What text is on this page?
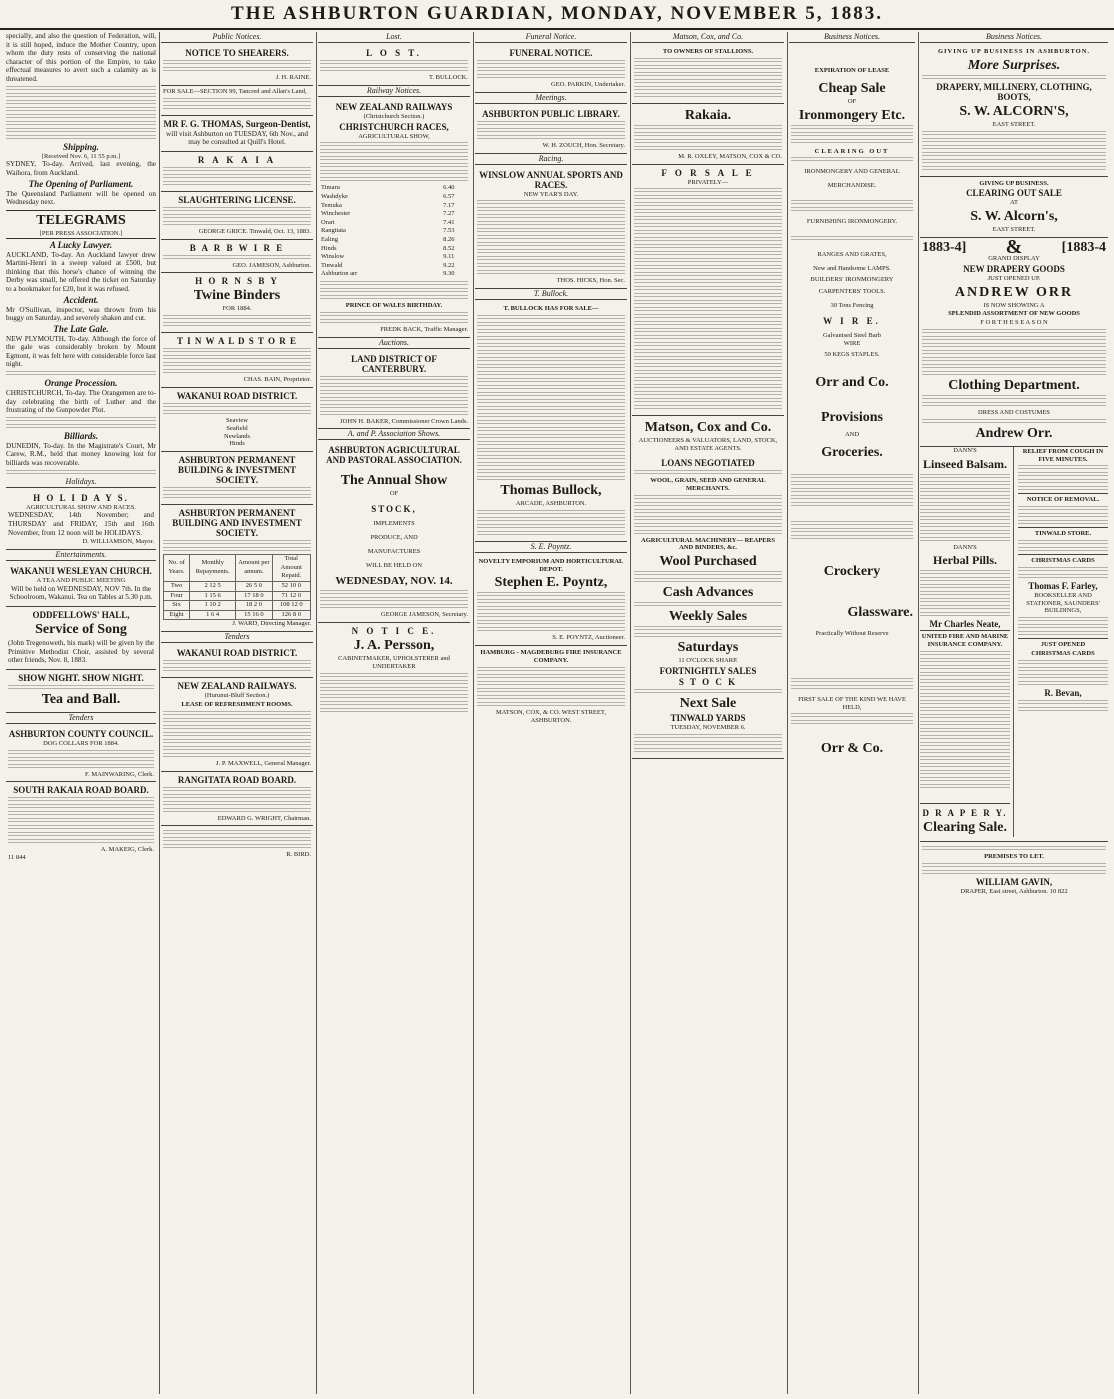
THE ASHBURTON GUARDIAN, MONDAY, NOVEMBER 5, 1883.

specially, and also the question of Federation, will, it is still hoped, induce the Mother Country, upon whom the duty rests of conserving the national character of this portion of the Empire, to take effectual measures to avert such a calamity as is threatened.

Shipping.
[Received Nov. 6, 11 55 p.m.]

SYDNEY, To-day. Arrived, last evening, the Waihora, from Auckland.

The Opening of Parliament.

The Queensland Parliament will be opened on Wednesday next.

TELEGRAMS
[PER PRESS ASSOCIATION.]
A Lucky Lawyer.

AUCKLAND, To-day. An Auckland lawyer drew Martini-Henri in a sweep valued at £500, but thinking that this horse's chance of winning the Derby was small, he offered the ticket on Saturday to a bookmaker for £20, but it was refused.

Accident.

Mr O'Sullivan, inspector, was thrown from his buggy on Saturday, and severely shaken and cut.

The Late Gale.

NEW PLYMOUTH, To-day. Although the force of the gale was considerably broken by Mount Egmont, it was felt here with considerable force last night.

Orange Procession.

CHRISTCHURCH, To-day. The Orangemen are to-day celebrating the birth of Luther and the frustrating of the Gunpowder Plot.

Billiards.

DUNEDIN, To-day. In the Magistrate's Court, Mr Carew, R.M., held that money knowing lost for billiards was recoverable.

Holidays.
H O L I D A Y S.
AGRICULTURAL SHOW AND RACES.

WEDNESDAY, 14th November; and THURSDAY and FRIDAY, 15th and 16th November, from 12 noon will be HOLIDAYS.

D. WILLIAMSON, Mayor.
Entertainments.
WAKANUI WESLEYAN CHURCH.
A TEA AND PUBLIC MEETING

Will be held on WEDNESDAY, NOV 7th. In the Schoolroom, Wakanui. Tea on Tables at 5.30 p.m.

ODDFELLOWS' HALL,
Service of Song

(John Tregenoweth, his mark) will be given by the Primitive Methodist Choir, assisted by several other friends, Nov. 8, 1883.

SHOW NIGHT. SHOW NIGHT.
Tea and Ball.
Tenders
ASHBURTON COUNTY COUNCIL.
DOG COLLARS FOR 1884.
F. MAINWARING, Clerk.
SOUTH RAKAIA ROAD BOARD.
A. MAKEIG, Clerk.
11 844
Public Notices.
NOTICE TO SHEARERS.
J. H. RAINE.

FOR SALE—SECTION 99, Tancred and Allan's Land,

MR F. G. THOMAS, Surgeon-Dentist,

will visit Ashburton on TUESDAY, 6th Nov., and may be consulted at Quill's Hotel.

R A K A I A
SLAUGHTERING LICENSE.
GEORGE GRICE. Tinwald, Oct. 13, 1883.
B A R B W I R E
GEO. JAMESON, Ashburton.
H O R N S B Y
Twine Binders
FOR 1884.
T I N W A L D S T O R E
CHAS. BAIN, Proprietor.
WAKANUI ROAD DISTRICT.
Seaview
Seafield
Newlands
Hinds
ASHBURTON PERMANENT BUILDING & INVESTMENT SOCIETY.
ASHBURTON PERMANENT BUILDING AND INVESTMENT SOCIETY.
No. of Years.	Monthly Repayments.	Amount per annum.	Total Amount Repaid.
Two	2 12 5	26 5 0	52 10 0
Four	1 15 6	17 18 0	71 12 0
Six	1 10 2	18 2 0	108 12 0
Eight	1 6 4	15 16 0	126 8 0
J. WARD, Directing Manager.
Tenders
WAKANUI ROAD DISTRICT.
NEW ZEALAND RAILWAYS.
(Hurunui-Bluff Section.)
LEASE OF REFRESHMENT ROOMS.
J. P. MAXWELL, General Manager.
RANGITATA ROAD BOARD.
EDWARD G. WRIGHT, Chairman.
R. BIRD.
Lost.
L O S T.
T. BULLOCK.
Railway Notices.
NEW ZEALAND RAILWAYS
(Christchurch Section.)
CHRISTCHURCH RACES,
AGRICULTURAL SHOW,
Timaru	6.40
Washdyke	6.57
Temuka	7.17
Winchester	7.27
Orari	7.41
Rangitata	7.53
Ealing	8.26
Hinds	8.52
Winslow	9.11
Tinwald	9.22
Ashburton arr	9.30
PRINCE OF WALES BIRTHDAY.
FREDK BACK, Traffic Manager.
Auctions.
LAND DISTRICT OF CANTERBURY.
JOHN H. BAKER, Commissioner Crown Lands.
A. and P. Association Shows.
ASHBURTON AGRICULTURAL AND PASTORAL ASSOCIATION.
The Annual Show
OF
STOCK,
IMPLEMENTS
PRODUCE, AND
MANUFACTURES
WILL BE HELD ON
WEDNESDAY, NOV. 14.
GEORGE JAMESON, Secretary.
N O T I C E.
J. A. Persson,
CABINETMAKER, UPHOLSTERER and UNDERTAKER
Funeral Notice.
FUNERAL NOTICE.
GEO. PARKIN, Undertaker.
Meetings.
ASHBURTON PUBLIC LIBRARY.
W. H. ZOUCH, Hon. Secretary.
Racing.
WINSLOW ANNUAL SPORTS AND RACES.
NEW YEAR'S DAY.
THOS. HICKS, Hon. Sec.
T. Bullock.
T. BULLOCK HAS FOR SALE—
Thomas Bullock,
ARCADE, ASHBURTON.
S. E. Poyntz.
NOVELTY EMPORIUM AND HORTICULTURAL DEPOT.
Stephen E. Poyntz,
S. E. POYNTZ, Auctioneer.
HAMBURG - MAGDEBURG FIRE INSURANCE COMPANY.
MATSON, COX, & CO. WEST STREET, ASHBURTON.
Matson, Cox, and Co.
TO OWNERS OF STALLIONS.
Rakaia.
M. R. OXLEY, MATSON, COX & CO.
F O R S A L E
PRIVATELY—
Matson, Cox and Co.
AUCTIONEERS & VALUATORS, LAND, STOCK, AND ESTATE AGENTS.
LOANS NEGOTIATED
WOOL, GRAIN, SEED AND GENERAL MERCHANTS.
AGRICULTURAL MACHINERY— REAPERS AND BINDERS, &c.
Wool Purchased
Cash Advances
Weekly Sales
Saturdays
11 O'CLOCK SHARP.
FORTNIGHTLY SALES
S T O C K
Next Sale
TINWALD YARDS
TUESDAY, NOVEMBER 6.
Business Notices.
EXPIRATION OF LEASE
Cheap Sale
OF
Ironmongery Etc.
CLEARING OUT
IRONMONGERY AND GENERAL
MERCHANDISE.
FURNISHING IRONMONGERY.
RANGES AND GRATES,
New and Handsome LAMPS.
BUILDERS' IRONMONGERY
CARPENTERS' TOOLS.
30 Tons Fencing
W I R E.
Galvanised Steel Barb
WIRE
50 KEGS STAPLES.
Orr and Co.
Provisions
AND
Groceries.
Crockery
Glassware.
Practically Without Reserve
FIRST SALE OF THE KIND WE HAVE HELD,
Orr & Co.
Business Notices.
GIVING UP BUSINESS IN ASHBURTON.
More Surprises.
DRAPERY, MILLINERY, CLOTHING, BOOTS,
S. W. ALCORN'S,
EAST STREET.
GIVING UP BUSINESS.
CLEARING OUT SALE
AT
S. W. Alcorn's,
EAST STREET.
1883-4] &	[1883-4
GRAND DISPLAY
NEW DRAPERY GOODS
JUST OPENED UP.
ANDREW ORR
IS NOW SHOWING A
SPLENDID ASSORTMENT OF NEW GOODS
F O R T H E S E A S O N
Clothing Department.
DRESS AND COSTUMES
Andrew Orr.
DANN'S
Linseed Balsam.
DANN'S
Herbal Pills.
Mr Charles Neate,
UNITED FIRE AND MARINE INSURANCE COMPANY.
D R A P E R Y.
Clearing Sale.
RELIEF FROM COUGH IN FIVE MINUTES.
NOTICE OF REMOVAL.
TINWALD STORE.
CHRISTMAS CARDS
Thomas F. Farley,
BOOKSELLER AND STATIONER, SAUNDERS' BUILDINGS,
JUST OPENED
CHRISTMAS CARDS
R. Bevan,
PREMISES TO LET.
WILLIAM GAVIN,
DRAPER, East street, Ashburton. 10 822
